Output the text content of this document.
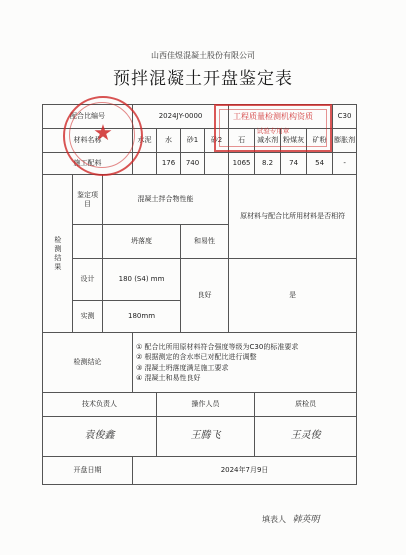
山西佳煜混凝土股份有限公司
预拌混凝土开盘鉴定表
配合比编号			2024JY-0000								C30
材料名称			水泥	水	砂1	砂2	石	减水剂	粉煤灰	矿粉	膨胀剂
施工配料				176	740		1065	8.2	74	54	-
检测结果	鉴定项目	混凝土拌合物性能					原材料与配合比所用材料是否相符				
		坍落度			和易性						
	设计	180 (S4) mm			良好		是				
	实测	180mm									
检测结论			① 配合比所用原材料符合强度等级为C30的标准要求
② 根据测定的含水率已对配比进行调整
③ 混凝土坍落度满足施工要求
④ 混凝土和易性良好								

技术负责人				操作人员				质检员			
袁俊鑫				王腾飞				王灵俊			
开盘日期			2024年7月9日								
填表人 韩英明
★
工程质量检测机构资质
试验专用章
